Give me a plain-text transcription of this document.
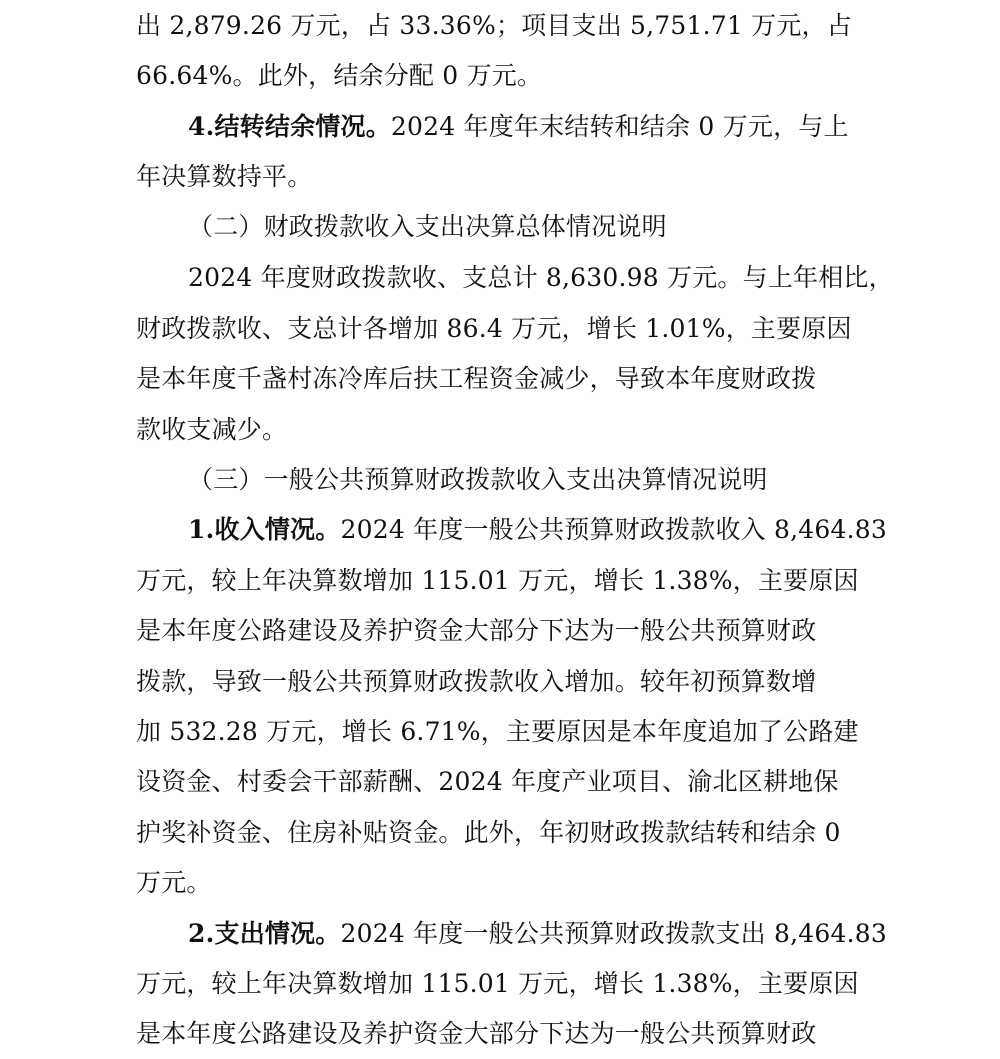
出 2,879.26 万元，占 33.36%；项目支出 5,751.71 万元，占
66.64%。此外，结余分配 0 万元。
4.结转结余情况。2024 年度年末结转和结余 0 万元，与上
年决算数持平。
（二）财政拨款收入支出决算总体情况说明
2024 年度财政拨款收、支总计 8,630.98 万元。与上年相比，
财政拨款收、支总计各增加 86.4 万元，增长 1.01%，主要原因
是本年度千盏村冻冷库后扶工程资金减少，导致本年度财政拨
款收支减少。
（三）一般公共预算财政拨款收入支出决算情况说明
1.收入情况。2024 年度一般公共预算财政拨款收入 8,464.83
万元，较上年决算数增加 115.01 万元，增长 1.38%，主要原因
是本年度公路建设及养护资金大部分下达为一般公共预算财政
拨款，导致一般公共预算财政拨款收入增加。较年初预算数增
加 532.28 万元，增长 6.71%，主要原因是本年度追加了公路建
设资金、村委会干部薪酬、2024 年度产业项目、渝北区耕地保
护奖补资金、住房补贴资金。此外，年初财政拨款结转和结余 0
万元。
2.支出情况。2024 年度一般公共预算财政拨款支出 8,464.83
万元，较上年决算数增加 115.01 万元，增长 1.38%，主要原因
是本年度公路建设及养护资金大部分下达为一般公共预算财政
